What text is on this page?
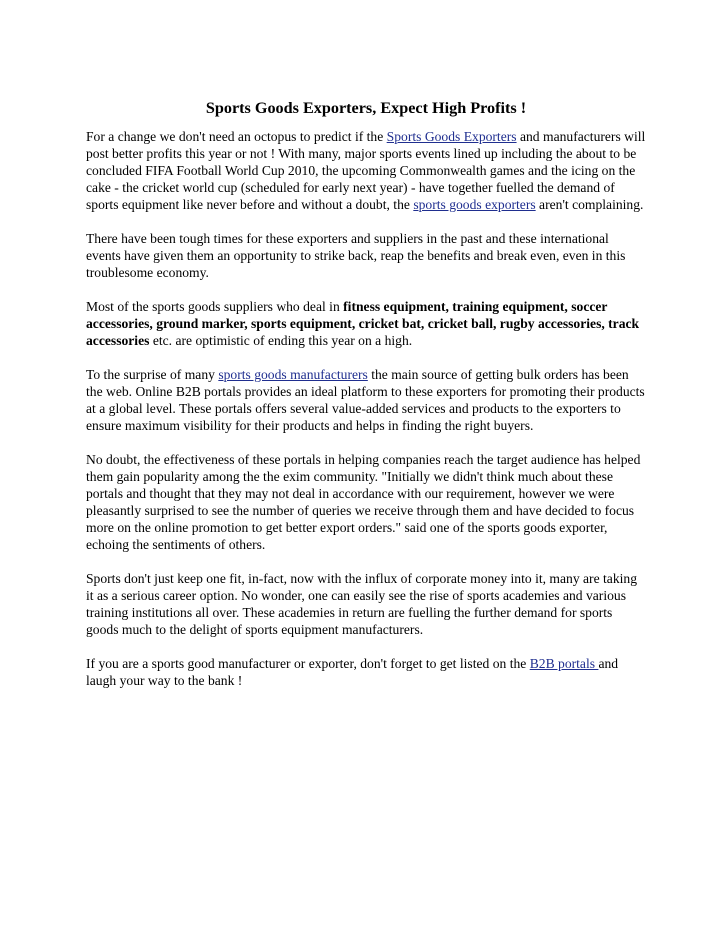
Sports Goods Exporters, Expect High Profits !

For a change we don't need an octopus to predict if the Sports Goods Exporters and manufacturers will post better profits this year or not ! With many, major sports events lined up including the about to be concluded FIFA Football World Cup 2010, the upcoming Commonwealth games and the icing on the cake - the cricket world cup (scheduled for early next year) - have together fuelled the demand of sports equipment like never before and without a doubt, the sports goods exporters aren't complaining.

There have been tough times for these exporters and suppliers in the past and these international events have given them an opportunity to strike back, reap the benefits and break even, even in this troublesome economy.

Most of the sports goods suppliers who deal in fitness equipment, training equipment, soccer accessories, ground marker, sports equipment, cricket bat, cricket ball, rugby accessories, track accessories etc. are optimistic of ending this year on a high.

To the surprise of many sports goods manufacturers the main source of getting bulk orders has been the web. Online B2B portals provides an ideal platform to these exporters for promoting their products at a global level. These portals offers several value-added services and products to the exporters to ensure maximum visibility for their products and helps in finding the right buyers.

No doubt, the effectiveness of these portals in helping companies reach the target audience has helped them gain popularity among the the exim community. "Initially we didn't think much about these portals and thought that they may not deal in accordance with our requirement, however we were pleasantly surprised to see the number of queries we receive through them and have decided to focus more on the online promotion to get better export orders." said one of the sports goods exporter, echoing the sentiments of others.

Sports don't just keep one fit, in-fact, now with the influx of corporate money into it, many are taking it as a serious career option. No wonder, one can easily see the rise of sports academies and various training institutions all over. These academies in return are fuelling the further demand for sports goods much to the delight of sports equipment manufacturers.

If you are a sports good manufacturer or exporter, don't forget to get listed on the B2B portals and laugh your way to the bank !
